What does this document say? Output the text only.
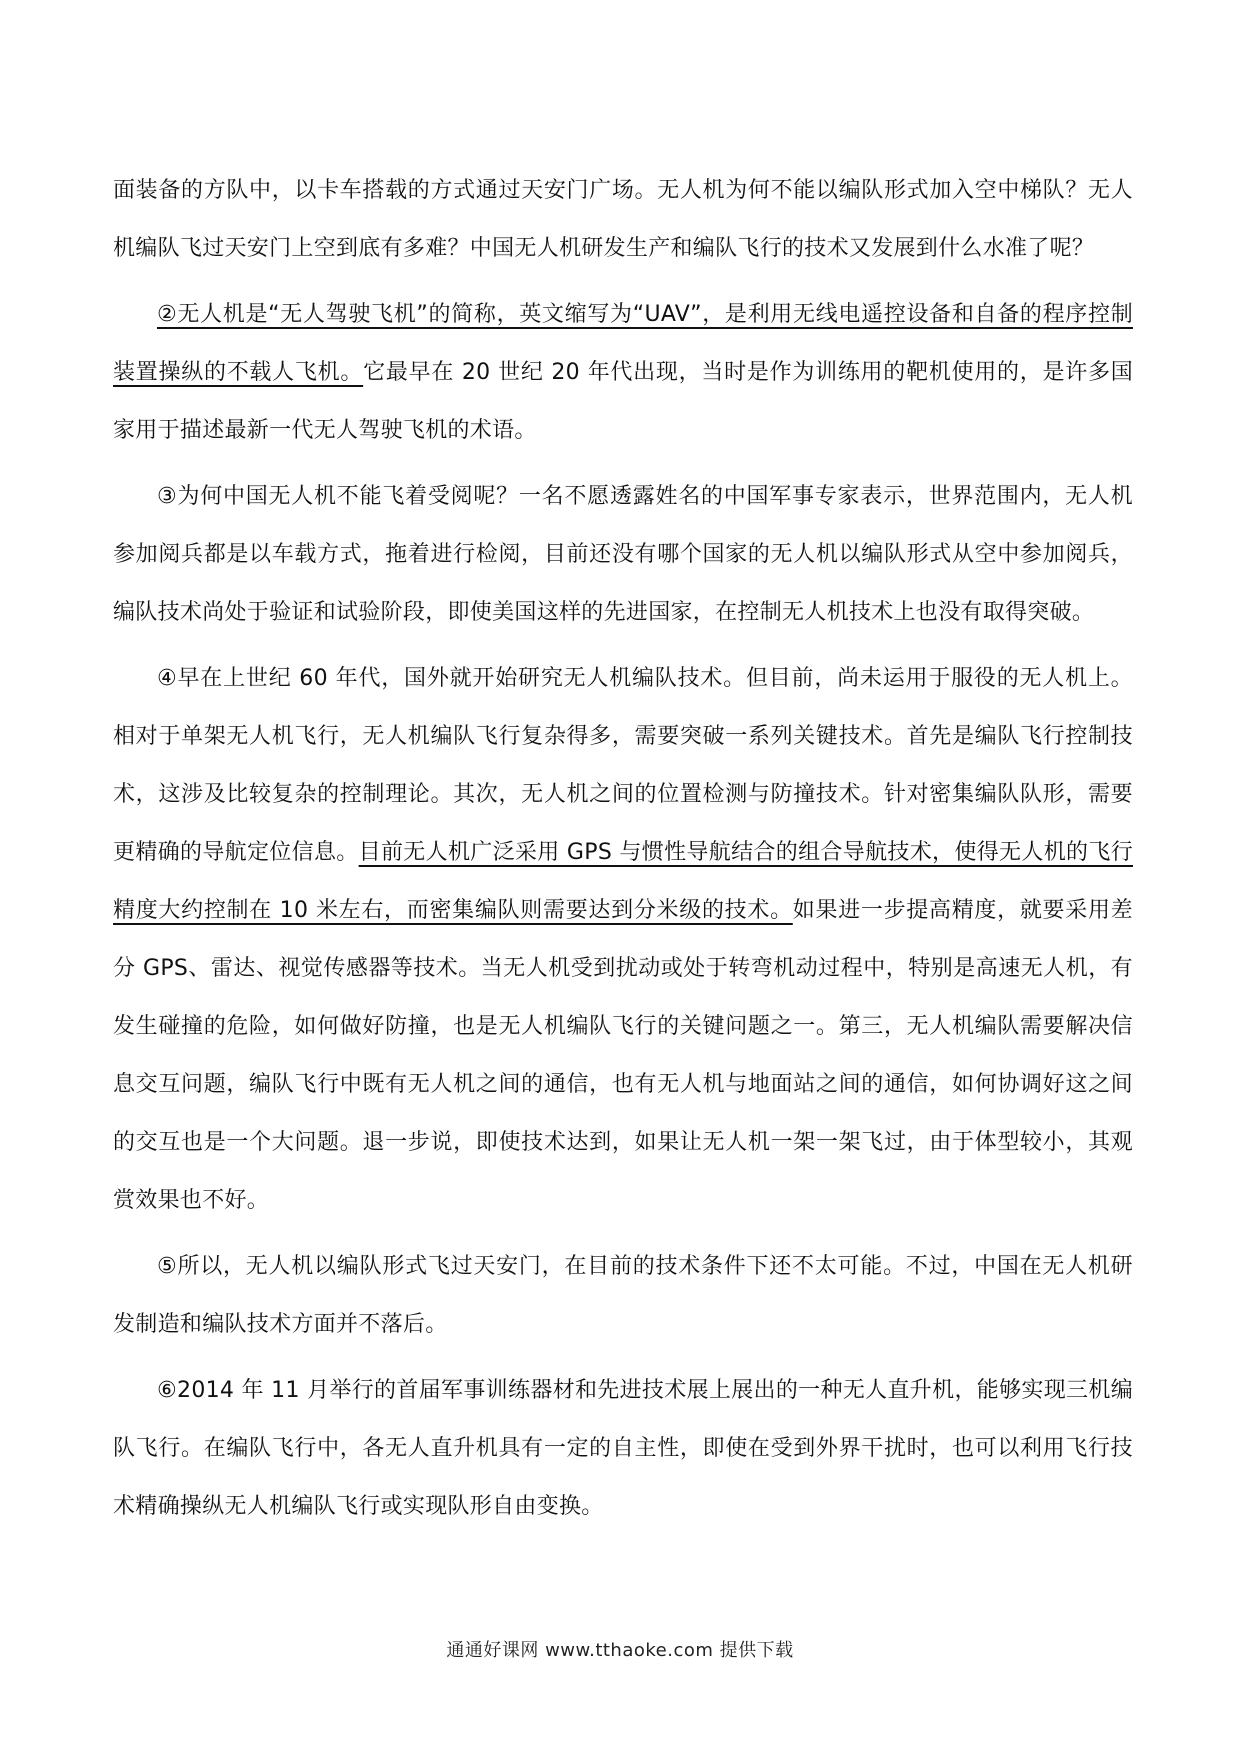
面装备的方队中，以卡车搭载的方式通过天安门广场。无人机为何不能以编队形式加入空中梯队？无人机编队飞过天安门上空到底有多难？中国无人机研发生产和编队飞行的技术又发展到什么水准了呢？

②无人机是“无人驾驶飞机”的简称，英文缩写为“UAV”，是利用无线电遥控设备和自备的程序控制装置操纵的不载人飞机。它最早在 20 世纪 20 年代出现，当时是作为训练用的靶机使用的，是许多国家用于描述最新一代无人驾驶飞机的术语。

③为何中国无人机不能飞着受阅呢？一名不愿透露姓名的中国军事专家表示，世界范围内，无人机参加阅兵都是以车载方式，拖着进行检阅，目前还没有哪个国家的无人机以编队形式从空中参加阅兵，编队技术尚处于验证和试验阶段，即使美国这样的先进国家，在控制无人机技术上也没有取得突破。

④早在上世纪 60 年代，国外就开始研究无人机编队技术。但目前，尚未运用于服役的无人机上。相对于单架无人机飞行，无人机编队飞行复杂得多，需要突破一系列关键技术。首先是编队飞行控制技术，这涉及比较复杂的控制理论。其次，无人机之间的位置检测与防撞技术。针对密集编队队形，需要更精确的导航定位信息。目前无人机广泛采用 GPS 与惯性导航结合的组合导航技术，使得无人机的飞行精度大约控制在 10 米左右，而密集编队则需要达到分米级的技术。如果进一步提高精度，就要采用差分 GPS、雷达、视觉传感器等技术。当无人机受到扰动或处于转弯机动过程中，特别是高速无人机，有发生碰撞的危险，如何做好防撞，也是无人机编队飞行的关键问题之一。第三，无人机编队需要解决信息交互问题，编队飞行中既有无人机之间的通信，也有无人机与地面站之间的通信，如何协调好这之间的交互也是一个大问题。退一步说，即使技术达到，如果让无人机一架一架飞过，由于体型较小，其观赏效果也不好。

⑤所以，无人机以编队形式飞过天安门，在目前的技术条件下还不太可能。不过，中国在无人机研发制造和编队技术方面并不落后。

⑥2014 年 11 月举行的首届军事训练器材和先进技术展上展出的一种无人直升机，能够实现三机编队飞行。在编队飞行中，各无人直升机具有一定的自主性，即使在受到外界干扰时，也可以利用飞行技术精确操纵无人机编队飞行或实现队形自由变换。

通通好课网 www.tthaoke.com 提供下载
